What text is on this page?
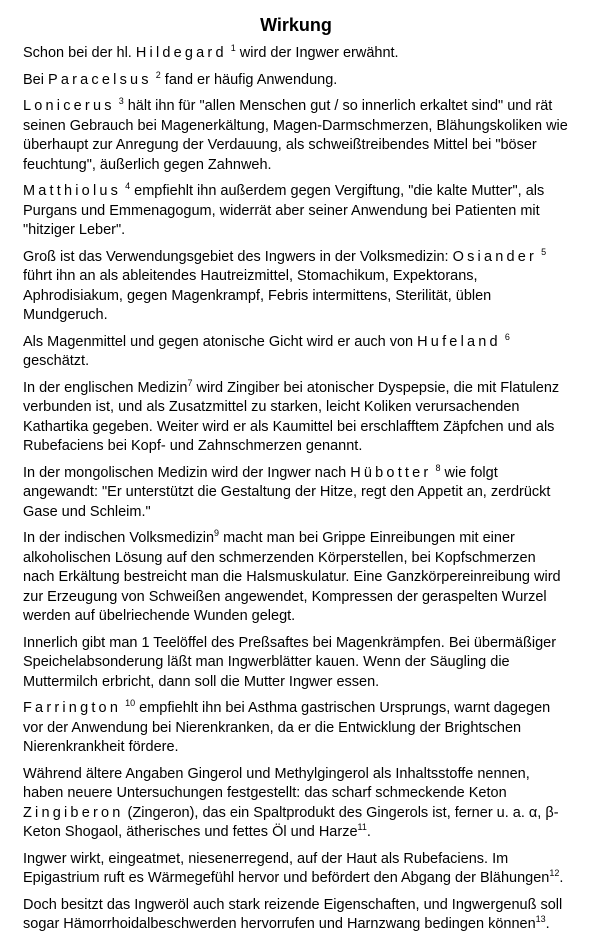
Wirkung

Schon bei der hl. Hildegard $^1$ wird der Ingwer erwähnt.

Bei Paracelsus $^2$ fand er häufig Anwendung.

Lonicerus $^3$ hält ihn für "allen Menschen gut / so innerlich erkaltet sind" und rät seinen Gebrauch bei Magenerkältung, Magen-Darmschmerzen, Blähungskoliken wie überhaupt zur Anregung der Verdauung, als schweißtreibendes Mittel bei "böser feuchtung", äußerlich gegen Zahnweh.

Matthiolus $^4$ empfiehlt ihn außerdem gegen Vergiftung, "die kalte Mutter", als Purgans und Emmenagogum, widerrät aber seiner Anwendung bei Patienten mit "hitziger Leber".

Groß ist das Verwendungsgebiet des Ingwers in der Volksmedizin: Osiander $^5$ führt ihn an als ableitendes Hautreizmittel, Stomachikum, Expektorans, Aphrodisiakum, gegen Magenkrampf, Febris intermittens, Sterilität, üblen Mundgeruch.

Als Magenmittel und gegen atonische Gicht wird er auch von Hufeland $^6$ geschätzt.

In der englischen Medizin$^7$ wird Zingiber bei atonischer Dyspepsie, die mit Flatulenz verbunden ist, und als Zusatzmittel zu starken, leicht Koliken verursachenden Kathartika gegeben. Weiter wird er als Kaumittel bei erschlafftem Zäpfchen und als Rubefaciens bei Kopf- und Zahnschmerzen genannt.

In der mongolischen Medizin wird der Ingwer nach Hübotter $^8$ wie folgt angewandt: "Er unterstützt die Gestaltung der Hitze, regt den Appetit an, zerdrückt Gase und Schleim."

In der indischen Volksmedizin$^9$ macht man bei Grippe Einreibungen mit einer alkoholischen Lösung auf den schmerzenden Körperstellen, bei Kopfschmerzen nach Erkältung bestreicht man die Halsmuskulatur. Eine Ganzkörpereinreibung wird zur Erzeugung von Schweißen angewendet, Kompressen der geraspelten Wurzel werden auf übelriechende Wunden gelegt.

Innerlich gibt man 1 Teelöffel des Preßsaftes bei Magenkrämpfen. Bei übermäßiger Speichelabsonderung läßt man Ingwerblätter kauen. Wenn der Säugling die Muttermilch erbricht, dann soll die Mutter Ingwer essen.

Farrington $^{10}$ empfiehlt ihn bei Asthma gastrischen Ursprungs, warnt dagegen vor der Anwendung bei Nierenkranken, da er die Entwicklung der Brightschen Nierenkrankheit fördere.

Während ältere Angaben Gingerol und Methylgingerol als Inhaltsstoffe nennen, haben neuere Untersuchungen festgestellt: das scharf schmeckende Keton Zingiberon (Zingeron), das ein Spaltprodukt des Gingerols ist, ferner u. a. α, β-Keton Shogaol, ätherisches und fettes Öl und Harze$^{11}$.

Ingwer wirkt, eingeatmet, niesenerregend, auf der Haut als Rubefaciens. Im Epigastrium ruft es Wärmegefühl hervor und befördert den Abgang der Blähungen$^{12}$.

Doch besitzt das Ingweröl auch stark reizende Eigenschaften, und Ingwergenuß soll sogar Hämorrhoidalbeschwerden hervorrufen und Harnzwang bedingen können$^{13}$.
